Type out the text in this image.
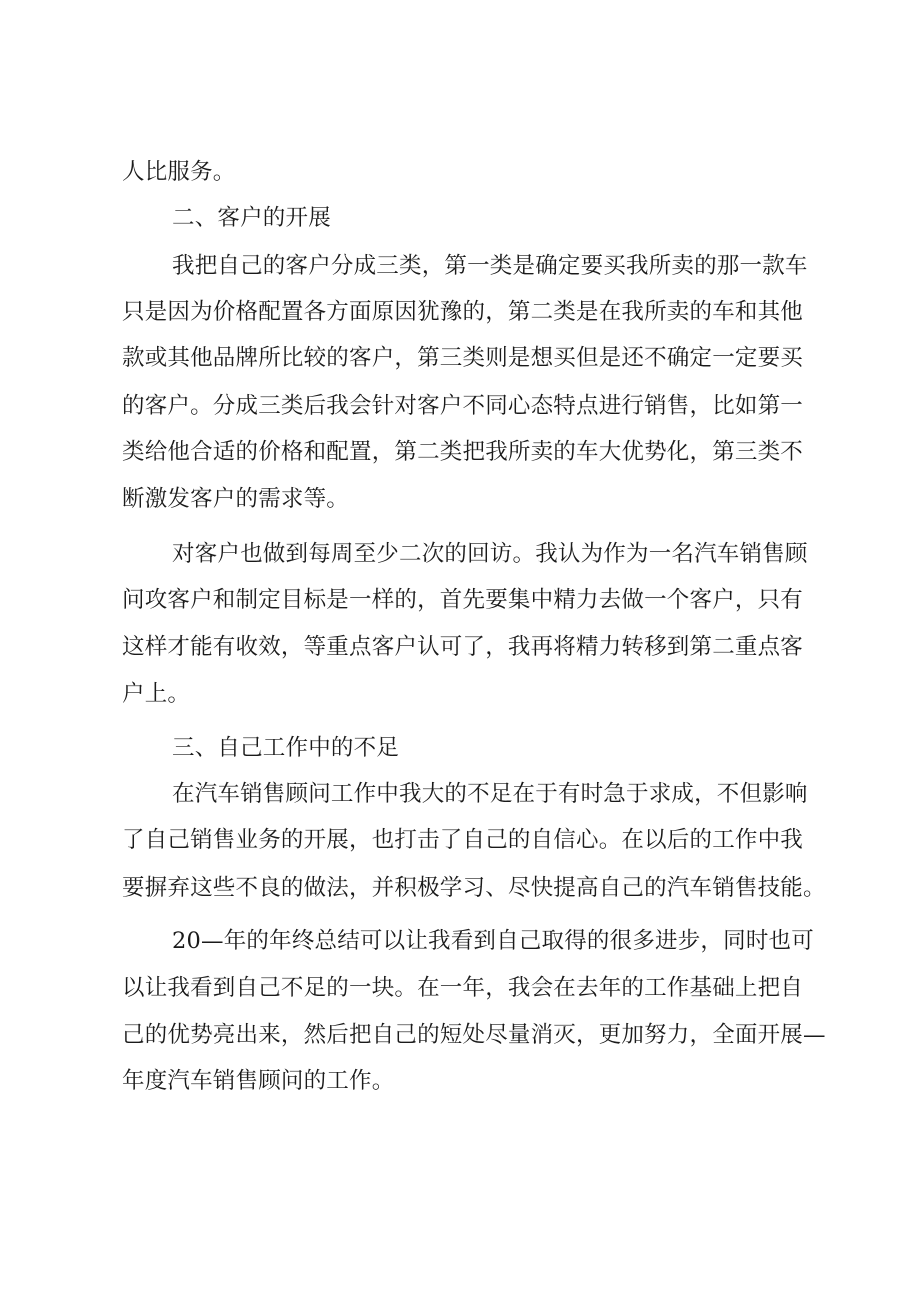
人比服务。
二、客户的开展
我把自己的客户分成三类，第一类是确定要买我所卖的那一款车
只是因为价格配置各方面原因犹豫的，第二类是在我所卖的车和其他
款或其他品牌所比较的客户，第三类则是想买但是还不确定一定要买
的客户。分成三类后我会针对客户不同心态特点进行销售，比如第一
类给他合适的价格和配置，第二类把我所卖的车大优势化，第三类不
断激发客户的需求等。
对客户也做到每周至少二次的回访。我认为作为一名汽车销售顾
问攻客户和制定目标是一样的，首先要集中精力去做一个客户，只有
这样才能有收效，等重点客户认可了，我再将精力转移到第二重点客
户上。
三、自己工作中的不足
在汽车销售顾问工作中我大的不足在于有时急于求成，不但影响
了自己销售业务的开展，也打击了自己的自信心。在以后的工作中我
要摒弃这些不良的做法，并积极学习、尽快提高自己的汽车销售技能。
20—年的年终总结可以让我看到自己取得的很多进步，同时也可
以让我看到自己不足的一块。在一年，我会在去年的工作基础上把自
己的优势亮出来，然后把自己的短处尽量消灭，更加努力，全面开展—
年度汽车销售顾问的工作。
